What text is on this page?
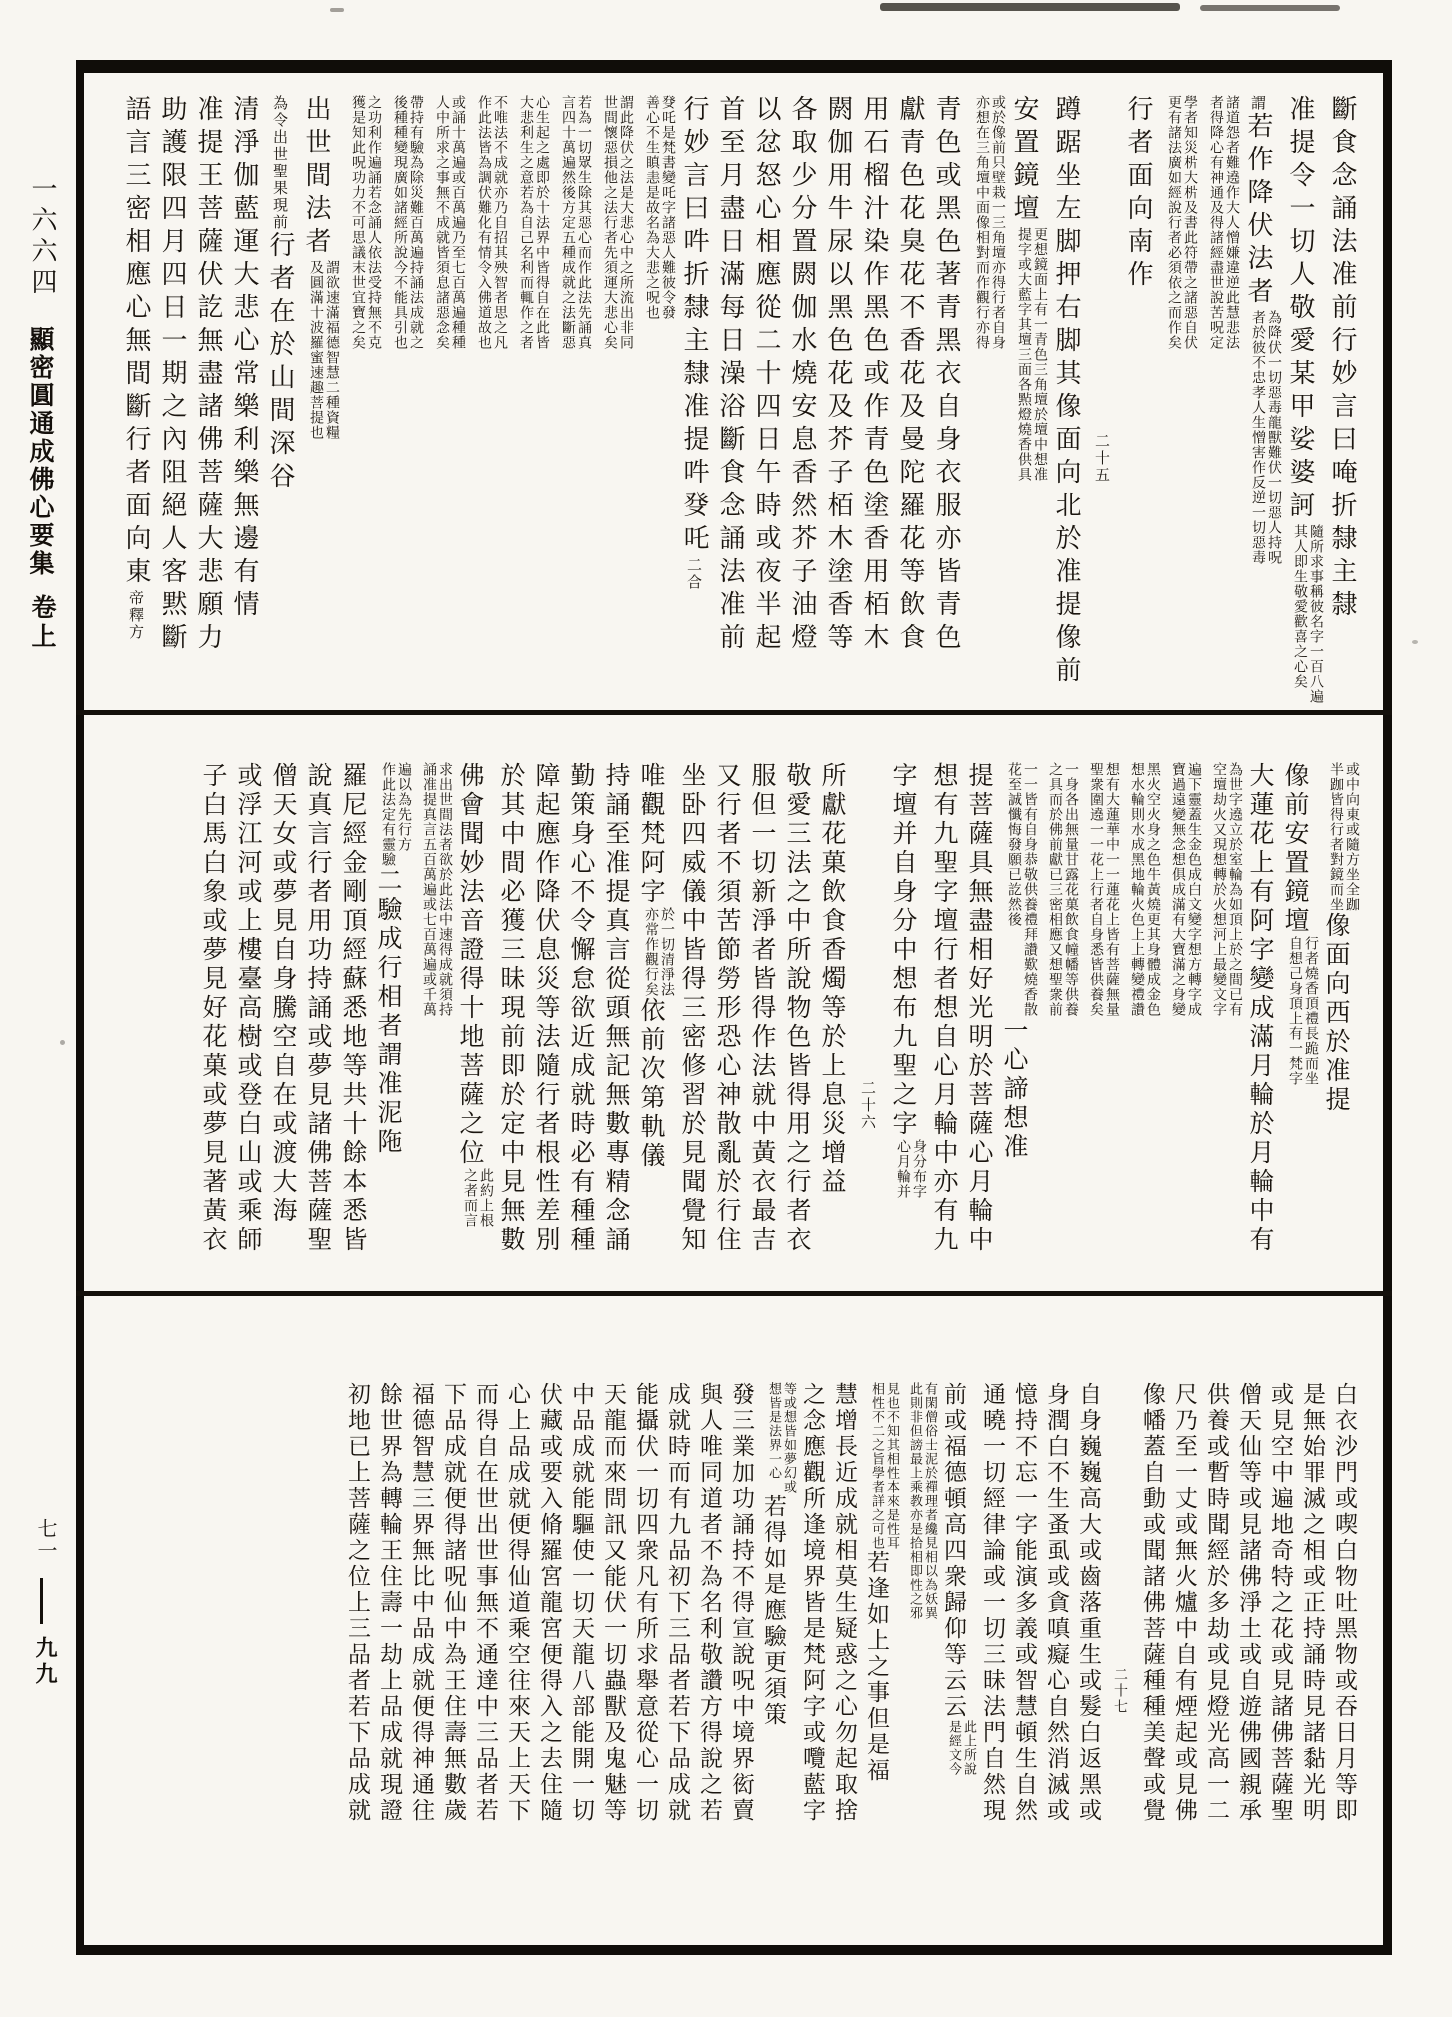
一六六四
顯密圓通成佛心要集
卷上
七一
九九
斷食念誦法准前行妙言曰唵折隸主隸
准提令一切人敬愛某甲娑婆訶
隨所求事稱彼名字一百八遍
其人即生敬愛歡喜之心矣
謂若作降伏法者
為降伏一切惡毒龍獸難伏一切惡人持呪
者於彼不忠孝人生憎害作反逆一切惡毒
諸道怨者難遶作大人憎嫌違逆此慧悲法
者得降心有神通及得諸經盡世說苦呪定
學者知災㭊大㭊及書此符帶之諸惡自伏
更有諸法廣如經說行者必須依之而作矣
行者面向南作
二十五
蹲踞坐左脚押右脚其像面向北於准提像前
安置鏡壇
更想鏡面上有一青色三角壇於壇中想准
提字或大藍字其壇三面各㸃燈燒香供具
或於像前只壁栽一三角壇亦得行者自身
亦想在三角壇中面像相對而作觀行亦得
青色或黑色著青黑衣自身衣服亦皆青色
獻青色花臭花不香花及曼陀羅花等飲食
用石榴汁染作黑色或作青色塗香用栢木
閼伽用牛尿以黑色花及芥子栢木塗香等
各取少分置閼伽水燒安息香然芥子油燈
以忿怒心相應從二十四日午時或夜半起
首至月盡日滿每日澡浴斷食念誦法准前
行妙言曰吽折隸主隸准提吽癹吒二合
癹吒是梵書變吒字諸惡人難彼令發
善心不生瞋恚是故名為大悲之呪也
謂此降伏之法是大悲心中之所流出非同
世間懷惡損他之法行者先須運大悲心矣
若為一切眾生除其惡心而作此法先誦真
言四十萬遍然後方定五種成就之法斷惡
心生起之處即於十法界中皆得自在此皆
大悲利生之意若為自己名利而輒作之者
不唯法不成就亦乃自招其殃智者思之凡
作此法皆為調伏難化有情令入佛道故也
或誦十萬遍或百萬遍乃至七百萬遍種種
人中所求之事無不成就皆須息諸惡念矣
帶持有驗為除災難百萬遍持誦法成就之
後種種變現廣如諸經所說今不能具引也
之功利作遍誦若念誦人依法受持無不克
獲是知此呪功力不可思議末世宜寶之矣
出世間法者
謂欲速滿福德智慧二種資糧
及圓滿十波羅蜜速趣菩提也
為令出世聖果現前行者在於山間深谷
清淨伽藍運大悲心常樂利樂無邊有情
准提王菩薩伏訖無盡諸佛菩薩大悲願力
助護限四月四日一期之內阻絕人客黙斷
語言三密相應心無間斷行者面向東帝釋方
或中向東或隨方坐全跏
半跏皆得行者對鏡而坐
像面向西於准提
像前安置鏡壇
行者燒香頂禮長跪而坐
自想己身頂上有一梵字
大蓮花上有阿字變成滿月輪於月輪中有
為世字遶立於室輪為如頂上於之間已有
空壇劫火又現想轉於火想河上最變文字
遍下靈蓋生金色成白文變字想方轉字成
寶過遠變無念想俱成滿有大寶滿之身變
黑火空火身之色牛黃燒更其身體成金色
想水輪則水成黑地輪火色上上轉變禮讚
想有大蓮華中一一蓮花上皆有菩薩無量
聖衆圍遶一一花上行者自身悉皆供養矣
一身各出無量甘露花菓飲食幢幡等供養
之具而於佛前獻已三密相應又想聖衆前
一一皆有自身恭敬供養禮拜讚歎燒香散
花至誠懺悔發願已訖然後
一心諦想准
提菩薩具無盡相好光明於菩薩心月輪中
想有九聖字壇行者想自心月輪中亦有九
字壇并自身分中想布九聖之字
身分布字
心月輪并
二十六
所獻花菓飲食香燭等於上息災增益
敬愛三法之中所說物色皆得用之行者衣
服但一切新淨者皆得作法就中黃衣最吉
又行者不須苦節勞形恐心神散亂於行住
坐卧四威儀中皆得三密修習於見聞覺知
唯觀梵阿字
於一切清淨法
亦常作觀行矣
依前次第軌儀
持誦至准提真言從頭無記無數專精念誦
勤策身心不令懈怠欲近成就時必有種種
障起應作降伏息災等法隨行者根性差別
於其中間必獲三昧現前即於定中見無數
佛會聞妙法音證得十地菩薩之位
此約上根
之者而言
求出世間法者欲於此法中速得成就須持
誦准提真言五百萬遍或七百萬遍或千萬
遍以為先行方
作此法定有靈驗
二驗成行相者謂准泥陁
羅尼經金剛頂經蘇悉地等共十餘本悉皆
說真言行者用功持誦或夢見諸佛菩薩聖
僧天女或夢見自身騰空自在或渡大海
或浮江河或上樓臺高樹或登白山或乘師
子白馬白象或夢見好花菓或夢見著黃衣
白衣沙門或喫白物吐黑物或吞日月等即
是無始罪滅之相或正持誦時見諸黏光明
或見空中遍地奇特之花或見諸佛菩薩聖
僧天仙等或見諸佛淨土或自遊佛國親承
供養或暫時聞經於多劫或見燈光高一二
尺乃至一丈或無火爐中自有煙起或見佛
像幡蓋自動或聞諸佛菩薩種種美聲或覺
二十七
自身巍巍高大或齒落重生或髮白返黑或
身潤白不生蚤虱或貪嗔癡心自然消滅或
憶持不忘一字能演多義或智慧頓生自然
通曉一切經律論或一切三昧法門自然現
前或福德頓高四衆歸仰等云云
此上所說
是經文今
有閑僧俗士泥於禪理者纔見相以為妖異
此則非但謗最上乘教亦是拾相即性之邪
見也不知其相性本來是性耳
相性不二之旨學者詳之可也
若逢如上之事但是福
慧增長近成就相莫生疑惑之心勿起取捨
之念應觀所逢境界皆是梵阿字或囕藍字
等或想皆如夢幻或
想皆是法界一心
若得如是應驗更須策
發三業加功誦持不得宣說呪中境界衒賣
與人唯同道者不為名利敬讚方得說之若
成就時而有九品初下三品者若下品成就
能攝伏一切四衆凡有所求舉意從心一切
天龍而來問訊又能伏一切蟲獸及鬼魅等
中品成就能驅使一切天龍八部能開一切
伏藏或要入脩羅宮龍宮便得入之去住隨
心上品成就便得仙道乘空往來天上天下
而得自在世出世事無不通達中三品者若
下品成就便得諸呪仙中為王住壽無數歲
福德智慧三界無比中品成就便得神通往
餘世界為轉輪王住壽一劫上品成就現證
初地已上菩薩之位上三品者若下品成就
